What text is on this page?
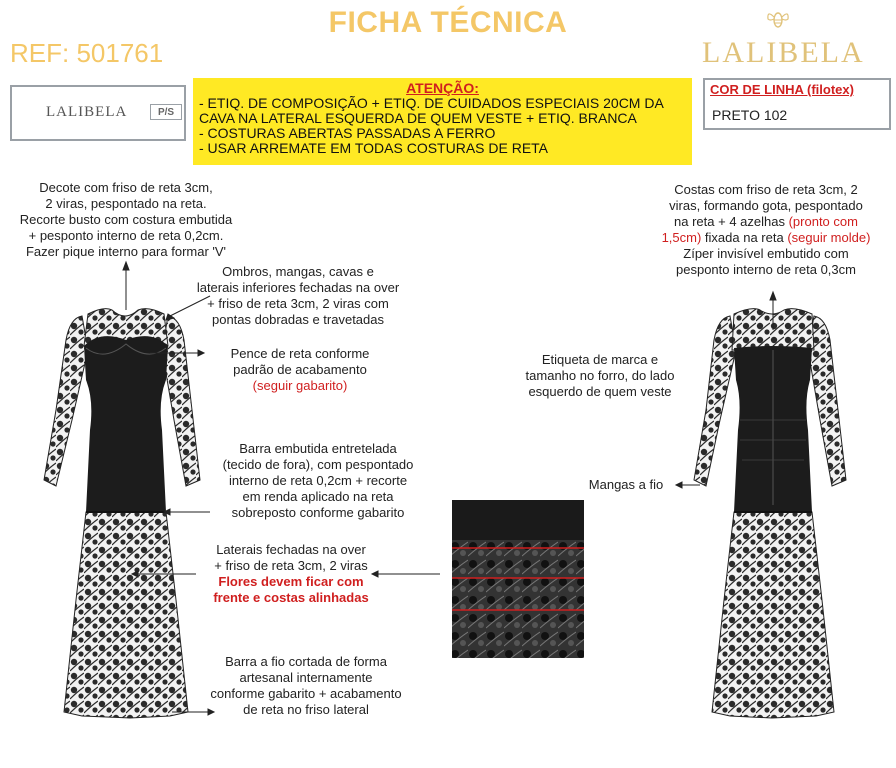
FICHA TÉCNICA
REF: 501761	LALIBELA
LALIBELA	P/S
ATENÇÃO:
- ETIQ. DE COMPOSIÇÃO + ETIQ. DE CUIDADOS ESPECIAIS 20CM DA
CAVA NA LATERAL ESQUERDA DE QUEM VESTE + ETIQ. BRANCA
- COSTURAS ABERTAS PASSADAS A FERRO
- USAR ARREMATE EM TODAS COSTURAS DE RETA
COR DE LINHA (filotex)
PRETO 102
Decote com friso de reta 3cm,
2 viras, pespontado na reta.
Recorte busto com costura embutida
+ pesponto interno de reta 0,2cm.
Fazer pique interno para formar 'V'
Ombros, mangas, cavas e
laterais inferiores fechadas na over
+ friso de reta 3cm, 2 viras com
pontas dobradas e travetadas
Pence de reta conforme
padrão de acabamento
(seguir gabarito)
Barra embutida entretelada
(tecido de fora), com pespontado
interno de reta 0,2cm + recorte
em renda aplicado na reta
sobreposto conforme gabarito
Laterais fechadas na over
+ friso de reta 3cm, 2 viras
Flores devem ficar com
frente e costas alinhadas
Barra a fio cortada de forma
artesanal internamente
conforme gabarito + acabamento
de reta no friso lateral
Costas com friso de reta 3cm, 2
viras, formando gota, pespontado
na reta + 4 azelhas (pronto com
1,5cm) fixada na reta (seguir molde)
Zíper invisível embutido com
pesponto interno de reta 0,3cm
Etiqueta de marca e
tamanho no forro, do lado
esquerdo de quem veste
Mangas a fio
